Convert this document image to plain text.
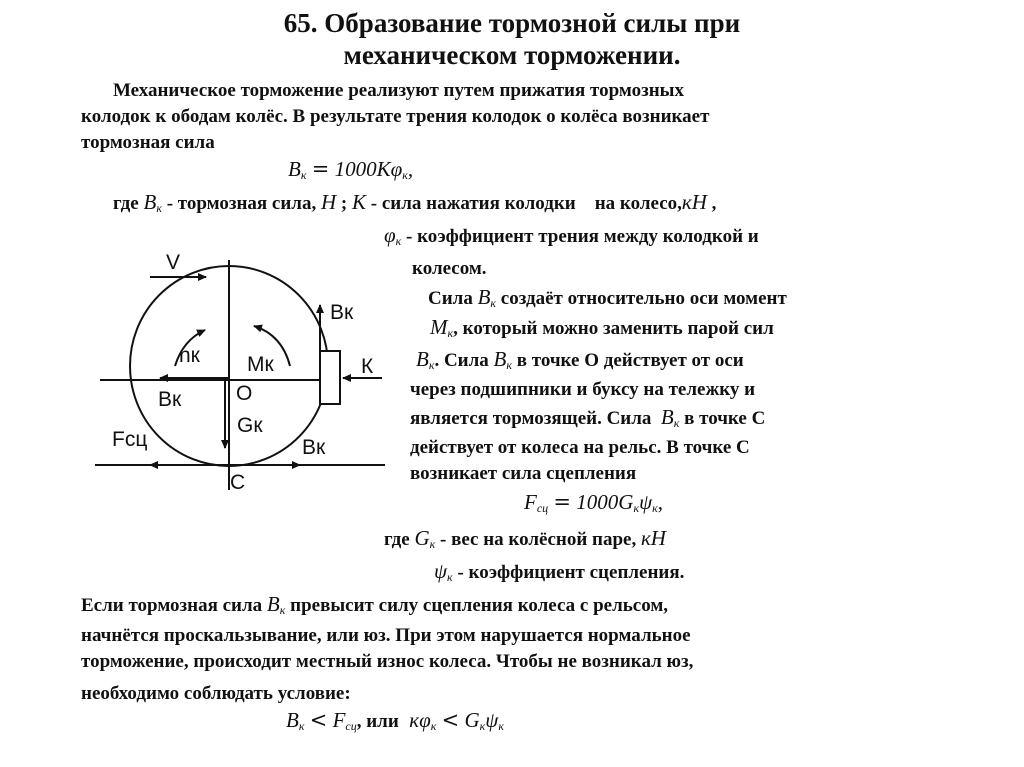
65. Образование тормозной силы при
механическом торможении.
Механическое торможение реализуют путем прижатия тормозных
колодок к ободам колёс. В результате трения колодок о колёса возникает
тормозная сила
$B_к = 1000K\varphi_к$,
где $B_к$ - тормозная сила, H ; K - сила нажатия колодки на колесо,кН ,
$\varphi_к$ - коэффициент трения между колодкой и
колесом.
Сила $B_к$ создаёт относительно оси момент
$M_к$, который можно заменить парой сил
$B_к$. Сила $B_к$ в точке О действует от оси
через подшипники и буксу на тележку и
является тормозящей. Сила $B_к$ в точке С
действует от колеса на рельс. В точке С
возникает сила сцепления
$F_{сц} = 1000G_к\psi_к$,
где $G_к$ - вес на колёсной паре, кН
$\psi_к$ - коэффициент сцепления.
Если тормозная сила $B_к$ превысит силу сцепления колеса с рельсом,
начнётся проскальзывание, или юз. При этом нарушается нормальное
торможение, происходит местный износ колеса. Чтобы не возникал юз,
необходимо соблюдать условие:
$B_к < F_{сц}$, или $к\varphi_к < G_к\psi_к$
V
Bк
К
nк Mк
O
Bк
Gк
Fсц	Bк
C
